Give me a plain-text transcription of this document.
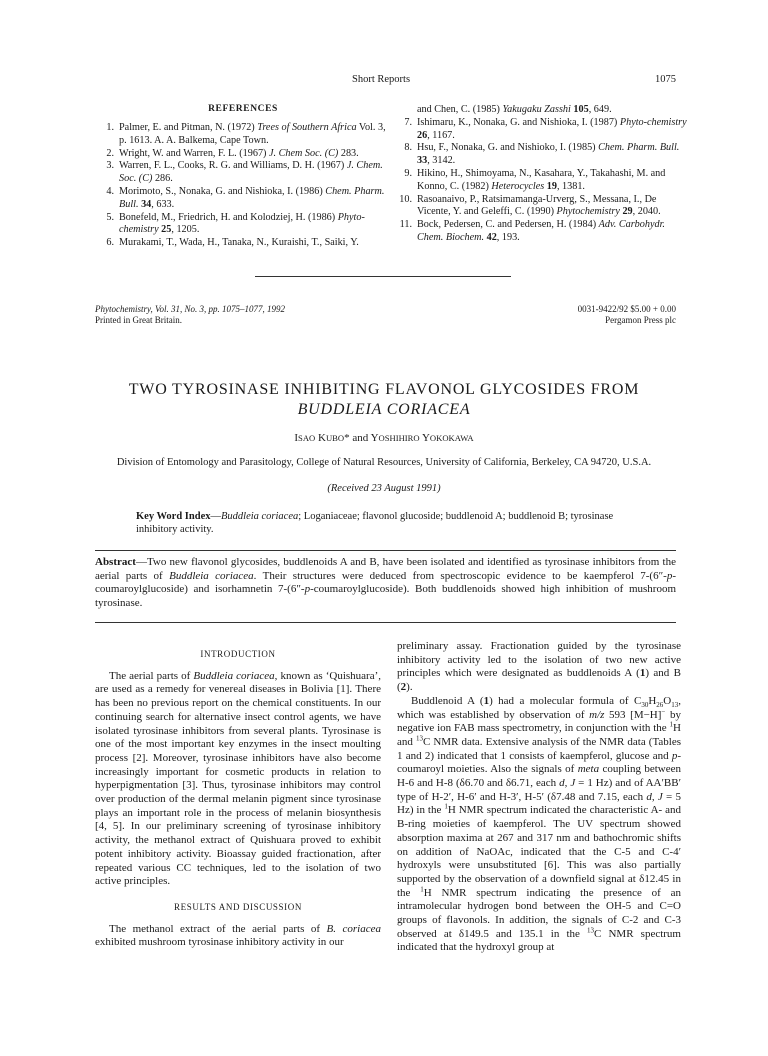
Short Reports	1075
REFERENCES
1. Palmer, E. and Pitman, N. (1972) Trees of Southern Africa Vol. 3, p. 1613. A. A. Balkema, Cape Town.
2. Wright, W. and Warren, F. L. (1967) J. Chem Soc. (C) 283.
3. Warren, F. L., Cooks, R. G. and Williams, D. H. (1967) J. Chem. Soc. (C) 286.
4. Morimoto, S., Nonaka, G. and Nishioka, I. (1986) Chem. Pharm. Bull. 34, 633.
5. Bonefeld, M., Friedrich, H. and Kolodziej, H. (1986) Phyto-chemistry 25, 1205.
6. Murakami, T., Wada, H., Tanaka, N., Kuraishi, T., Saiki, Y.
and Chen, C. (1985) Yakugaku Zasshi 105, 649.
7. Ishimaru, K., Nonaka, G. and Nishioka, I. (1987) Phyto-chemistry 26, 1167.
8. Hsu, F., Nonaka, G. and Nishioko, I. (1985) Chem. Pharm. Bull. 33, 3142.
9. Hikino, H., Shimoyama, N., Kasahara, Y., Takahashi, M. and Konno, C. (1982) Heterocycles 19, 1381.
10. Rasoanaivo, P., Ratsimamanga-Urverg, S., Messana, I., De Vicente, Y. and Geleffi, C. (1990) Phytochemistry 29, 2040.
11. Bock, Pedersen, C. and Pedersen, H. (1984) Adv. Carbohydr. Chem. Biochem. 42, 193.
Phytochemistry, Vol. 31, No. 3, pp. 1075–1077, 1992
Printed in Great Britain.
0031-9422/92 $5.00 + 0.00
Pergamon Press plc
TWO TYROSINASE INHIBITING FLAVONOL GLYCOSIDES FROM
BUDDLEIA CORIACEA
ISAO KUBO* and YOSHIHIRO YOKOKAWA
Division of Entomology and Parasitology, College of Natural Resources, University of California, Berkeley, CA 94720, U.S.A.
(Received 23 August 1991)
Key Word Index—Buddleia coriacea; Loganiaceae; flavonol glucoside; buddlenoid A; buddlenoid B; tyrosinase inhibitory activity.
Abstract—Two new flavonol glycosides, buddlenoids A and B, have been isolated and identified as tyrosinase inhibitors from the aerial parts of Buddleia coriacea. Their structures were deduced from spectroscopic evidence to be kaempferol 7-(6″-p-coumaroylglucoside) and isorhamnetin 7-(6″-p-coumaroylglucoside). Both buddlenoids showed high inhibition of mushroom tyrosinase.
INTRODUCTION

The aerial parts of Buddleia coriacea, known as ‘Quishuara’, are used as a remedy for venereal diseases in Bolivia [1]. There has been no previous report on the chemical constituents. In our continuing search for alternative insect control agents, we have isolated tyrosinase inhibitors from several plants. Tyrosinase is one of the most important key enzymes in the insect moulting process [2]. Moreover, tyrosinase inhibitors have also become increasingly important for cosmetic products in relation to hyperpigmentation [3]. Thus, tyrosinase inhibitors may control over production of the dermal melanin pigment since tyrosinase plays an important role in the process of melanin biosynthesis [4, 5]. In our preliminary screening of tyrosinase inhibitory activity, the methanol extract of Quishuara proved to exhibit potent inhibitory activity. Bioassay guided fractionation, after repeated various CC techniques, led to the isolation of two active principles.

RESULTS AND DISCUSSION

The methanol extract of the aerial parts of B. coriacea exhibited mushroom tyrosinase inhibitory activity in our

preliminary assay. Fractionation guided by the tyrosinase inhibitory activity led to the isolation of two new active principles which were designated as buddlenoids A (1) and B (2).

Buddlenoid A (1) had a molecular formula of $C_{30}H_{26}O_{13}$, which was established by observation of m/z 593 [M−H]− by negative ion FAB mass spectrometry, in conjunction with the $^1$H and $^{13}$C NMR data. Extensive analysis of the NMR data (Tables 1 and 2) indicated that 1 consists of kaempferol, glucose and p-coumaroyl moieties. Also the signals of meta coupling between H-6 and H-8 (δ6.70 and δ6.71, each d, J = 1 Hz) and of AA′BB′ type of H-2′, H-6′ and H-3′, H-5′ (δ7.48 and 7.15, each d, J = 5 Hz) in the $^1$H NMR spectrum indicated the characteristic A- and B-ring moieties of kaempferol. The UV spectrum showed absorption maxima at 267 and 317 nm and bathochromic shifts on addition of NaOAc, indicated that the C-5 and C-4′ hydroxyls were unsubstituted [6]. This was also partially supported by the observation of a downfield signal at δ12.45 in the $^1$H NMR spectrum indicating the presence of an intramolecular hydrogen bond between the OH-5 and C=O groups of flavonols. In addition, the signals of C-2 and C-3 observed at δ149.5 and 135.1 in the $^{13}$C NMR spectrum indicated that the hydroxyl group at
